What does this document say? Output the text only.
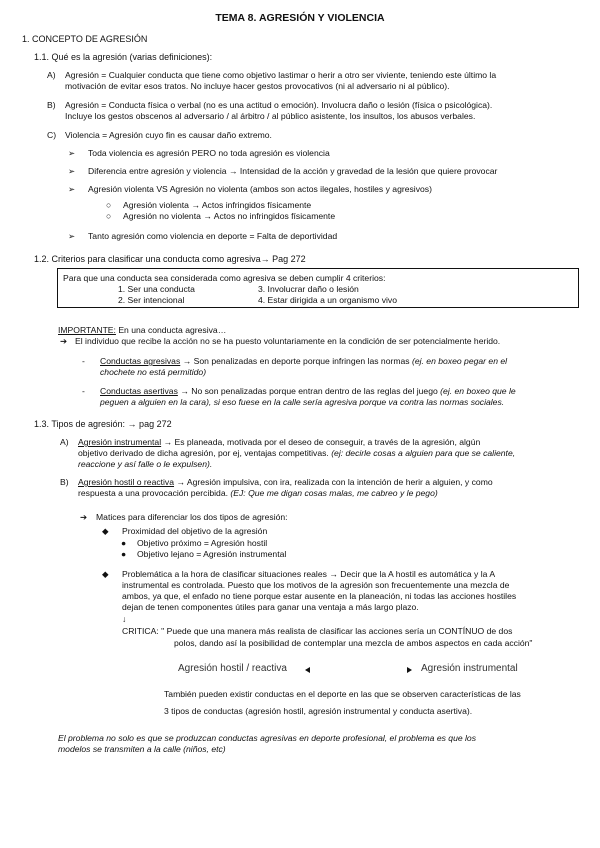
TEMA 8. AGRESIÓN Y VIOLENCIA
1. CONCEPTO DE AGRESIÓN
1.1. Qué es la agresión (varias definiciones):
A) Agresión = Cualquier conducta que tiene como objetivo lastimar o herir a otro ser viviente, teniendo este último la
motivación de evitar esos tratos. No incluye hacer gestos provocativos (ni al adversario ni al público).
B) Agresión = Conducta física o verbal (no es una actitud o emoción). Involucra daño o lesión (física o psicológica).
Incluye los gestos obscenos al adversario / al árbitro / al público asistente, los insultos, los abusos verbales.
C) Violencia = Agresión cuyo fin es causar daño extremo.
➢ Toda violencia es agresión PERO no toda agresión es violencia
➢ Diferencia entre agresión y violencia → Intensidad de la acción y gravedad de la lesión que quiere provocar
➢ Agresión violenta VS Agresión no violenta (ambos son actos ilegales, hostiles y agresivos)
○ Agresión violenta → Actos infringidos físicamente
○ Agresión no violenta → Actos no infringidos físicamente
➢ Tanto agresión como violencia en deporte = Falta de deportividad
1.2. Criterios para clasificar una conducta como agresiva→ Pag 272
Para que una conducta sea considerada como agresiva se deben cumplir 4 criterios:
1. Ser una conducta
2. Ser intencional
3. Involucrar daño o lesión
4. Estar dirigida a un organismo vivo
IMPORTANTE: En una conducta agresiva…
➔ El individuo que recibe la acción no se ha puesto voluntariamente en la condición de ser potencialmente herido.
- Conductas agresivas → Son penalizadas en deporte porque infringen las normas (ej. en boxeo pegar en el
chochete no está permitido)
- Conductas asertivas → No son penalizadas porque entran dentro de las reglas del juego (ej. en boxeo que le
peguen a alguien en la cara), si eso fuese en la calle sería agresiva porque va contra las normas sociales.
1.3. Tipos de agresión: → pag 272
A) Agresión instrumental → Es planeada, motivada por el deseo de conseguir, a través de la agresión, algún
objetivo derivado de dicha agresión, por ej, ventajas competitivas. (ej: decirle cosas a alguien para que se caliente,
reaccione y así falle o le expulsen).
B) Agresión hostil o reactiva → Agresión impulsiva, con ira, realizada con la intención de herir a alguien, y como
respuesta a una provocación percibida. (EJ: Que me digan cosas malas, me cabreo y le pego)
➔ Matices para diferenciar los dos tipos de agresión:
◆ Proximidad del objetivo de la agresión
● Objetivo próximo = Agresión hostil
● Objetivo lejano = Agresión instrumental
◆ Problemática a la hora de clasificar situaciones reales → Decir que la A hostil es automática y la A
instrumental es controlada. Puesto que los motivos de la agresión son frecuentemente una mezcla de
ambos, ya que, el enfado no tiene porque estar ausente en la planeación, ni todas las acciones hostiles
dejan de tenen componentes útiles para ganar una ventaja a más largo plazo.
↓
CRITICA: " Puede que una manera más realista de clasificar las acciones sería un CONTÍNUO de dos
polos, dando así la posibilidad de contemplar una mezcla de ambos aspectos en cada acción"
Agresión hostil / reactiva	Agresión instrumental
También pueden existir conductas en el deporte en las que se observen características de las
3 tipos de conductas (agresión hostil, agresión instrumental y conducta asertiva).
El problema no solo es que se produzcan conductas agresivas en deporte profesional, el problema es que los
modelos se transmiten a la calle (niños, etc)
